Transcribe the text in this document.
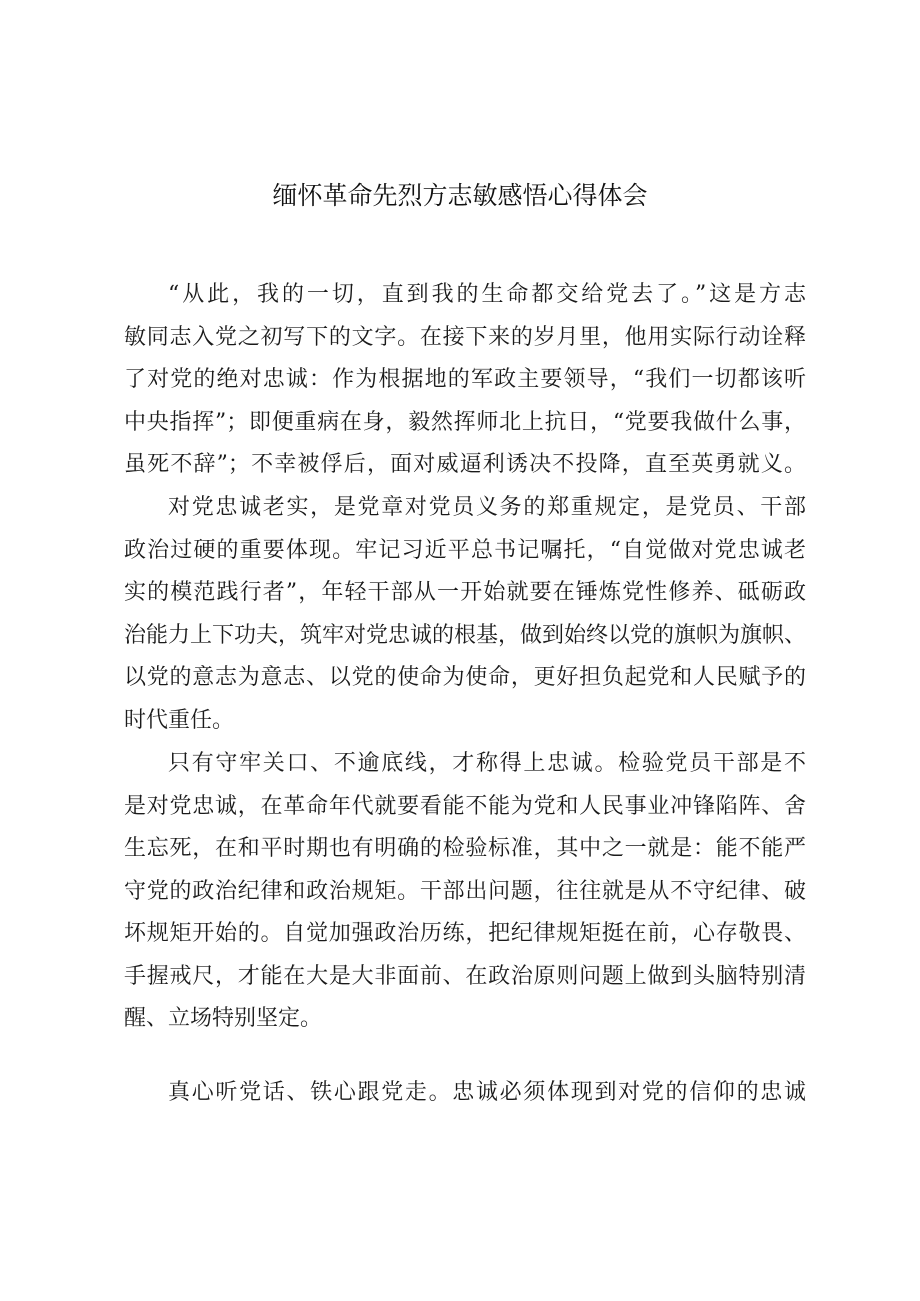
缅怀革命先烈方志敏感悟心得体会
“从此，我的一切，直到我的生命都交给党去了。”这是方志
敏同志入党之初写下的文字。在接下来的岁月里，他用实际行动诠释
了对党的绝对忠诚：作为根据地的军政主要领导，“我们一切都该听
中央指挥”；即便重病在身，毅然挥师北上抗日，“党要我做什么事，
虽死不辞”；不幸被俘后，面对威逼利诱决不投降，直至英勇就义。
对党忠诚老实，是党章对党员义务的郑重规定，是党员、干部
政治过硬的重要体现。牢记习近平总书记嘱托，“自觉做对党忠诚老
实的模范践行者”，年轻干部从一开始就要在锤炼党性修养、砥砺政
治能力上下功夫，筑牢对党忠诚的根基，做到始终以党的旗帜为旗帜、
以党的意志为意志、以党的使命为使命，更好担负起党和人民赋予的
时代重任。
只有守牢关口、不逾底线，才称得上忠诚。检验党员干部是不
是对党忠诚，在革命年代就要看能不能为党和人民事业冲锋陷阵、舍
生忘死，在和平时期也有明确的检验标准，其中之一就是：能不能严
守党的政治纪律和政治规矩。干部出问题，往往就是从不守纪律、破
坏规矩开始的。自觉加强政治历练，把纪律规矩挺在前，心存敬畏、
手握戒尺，才能在大是大非面前、在政治原则问题上做到头脑特别清
醒、立场特别坚定。
真心听党话、铁心跟党走。忠诚必须体现到对党的信仰的忠诚
